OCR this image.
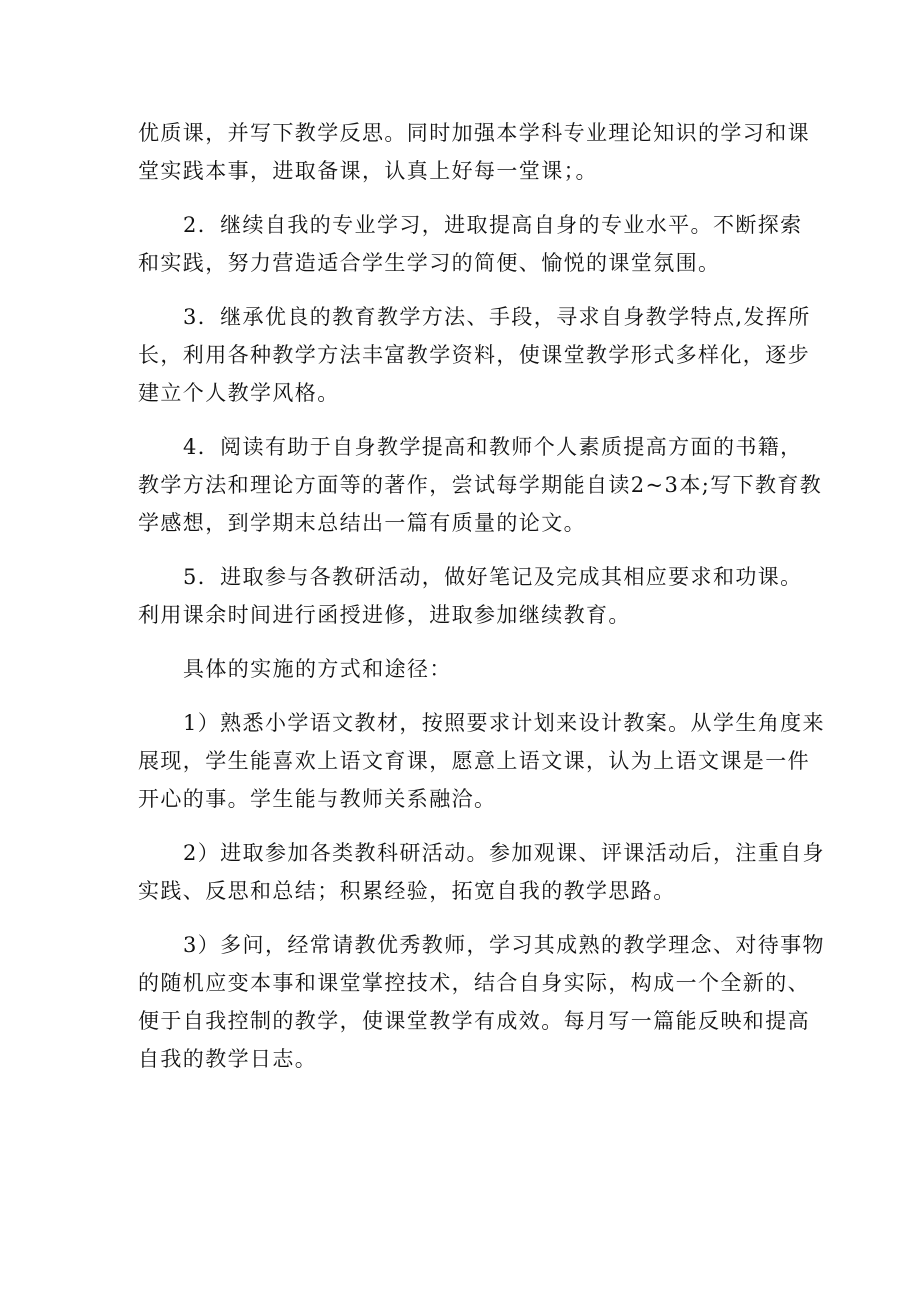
优质课，并写下教学反思。同时加强本学科专业理论知识的学习和课
堂实践本事，进取备课，认真上好每一堂课；。

2．继续自我的专业学习，进取提高自身的专业水平。不断探索
和实践，努力营造适合学生学习的简便、愉悦的课堂氛围。

3．继承优良的教育教学方法、手段，寻求自身教学特点,发挥所
长，利用各种教学方法丰富教学资料，使课堂教学形式多样化，逐步
建立个人教学风格。

4．阅读有助于自身教学提高和教师个人素质提高方面的书籍，
教学方法和理论方面等的著作，尝试每学期能自读2~3本;写下教育教
学感想，到学期末总结出一篇有质量的论文。

5．进取参与各教研活动，做好笔记及完成其相应要求和功课。
利用课余时间进行函授进修，进取参加继续教育。

具体的实施的方式和途径：

1）熟悉小学语文教材，按照要求计划来设计教案。从学生角度来
展现，学生能喜欢上语文育课，愿意上语文课，认为上语文课是一件
开心的事。学生能与教师关系融洽。

2）进取参加各类教科研活动。参加观课、评课活动后，注重自身
实践、反思和总结；积累经验，拓宽自我的教学思路。

3）多问，经常请教优秀教师，学习其成熟的教学理念、对待事物
的随机应变本事和课堂掌控技术，结合自身实际，构成一个全新的、
便于自我控制的教学，使课堂教学有成效。每月写一篇能反映和提高
自我的教学日志。
